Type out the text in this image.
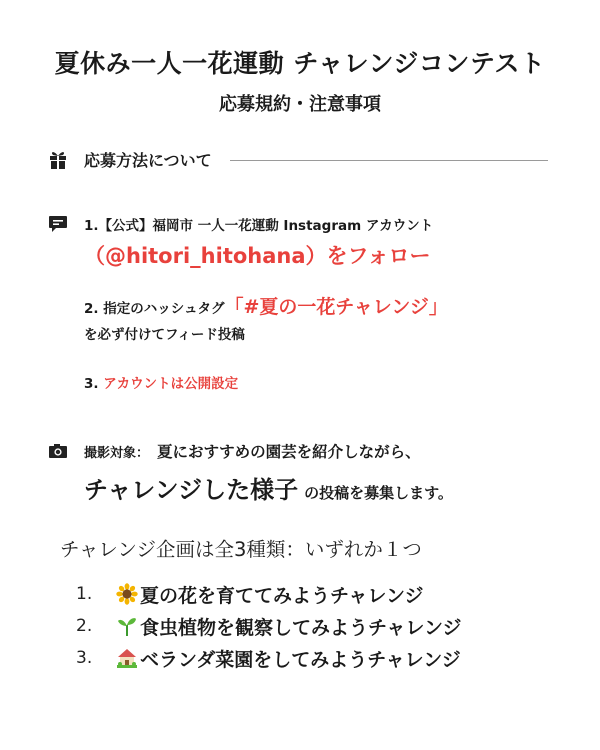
夏休み一人一花運動 チャレンジコンテスト
応募規約・注意事項
応募方法について
1.【公式】福岡市 一人一花運動 Instagram アカウント
（@hitori_hitohana）をフォロー
2. 指定のハッシュタグ「#夏の一花チャレンジ」
を必ず付けてフィード投稿
3. アカウントは公開設定
撮影対象： 夏におすすめの園芸を紹介しながら、
チャレンジした様子 の投稿を募集します。
チャレンジ企画は全3種類：いずれか１つ
1.	夏の花を育ててみようチャレンジ
2.	食虫植物を観察してみようチャレンジ
3.	ベランダ菜園をしてみようチャレンジ
